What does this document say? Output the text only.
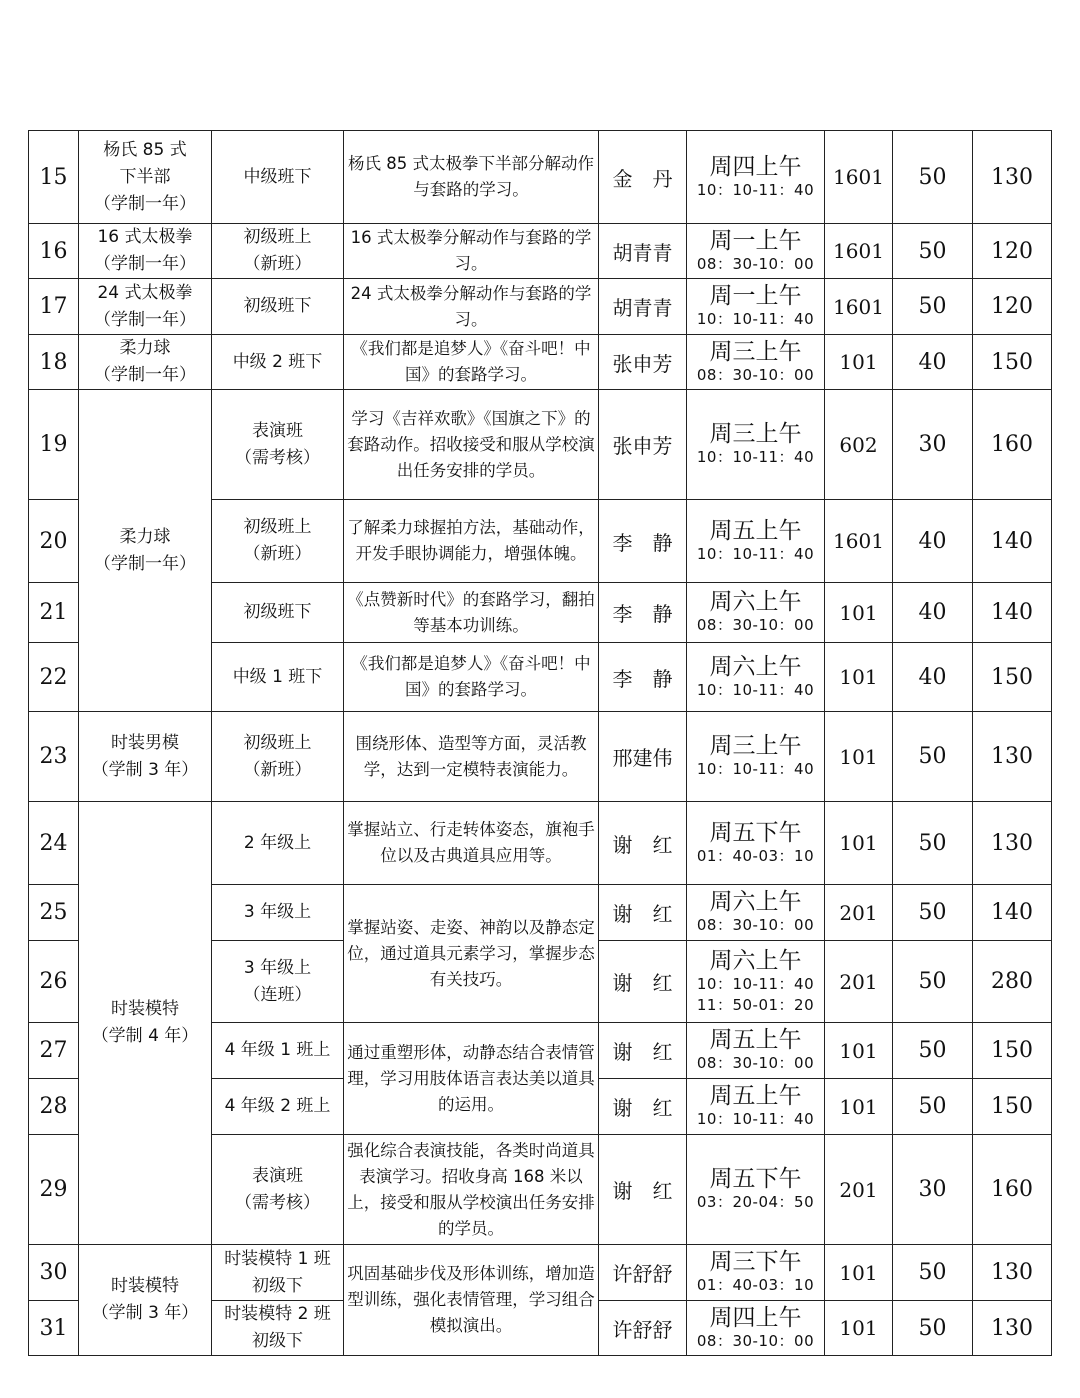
15	杨氏 85 式
下半部
（学制一年）	中级班下	杨氏 85 式太极拳下半部分解动作与套路的学习。	金　丹	周四上午
10：10-11：40	1601	50	130
16	16 式太极拳
（学制一年）	初级班上
（新班）	16 式太极拳分解动作与套路的学习。	胡青青	周一上午
08：30-10：00	1601	50	120
17	24 式太极拳
（学制一年）	初级班下	24 式太极拳分解动作与套路的学习。	胡青青	周一上午
10：10-11：40	1601	50	120
18	柔力球
（学制一年）	中级 2 班下	《我们都是追梦人》《奋斗吧！中国》的套路学习。	张申芳	周三上午
08：30-10：00	101	40	150
19	柔力球
（学制一年）	表演班
（需考核）	学习《吉祥欢歌》《国旗之下》的套路动作。招收接受和服从学校演出任务安排的学员。	张申芳	周三上午
10：10-11：40	602	30	160
20		初级班上
（新班）	了解柔力球握拍方法，基础动作，开发手眼协调能力，增强体魄。	李　静	周五上午
10：10-11：40	1601	40	140
21		初级班下	《点赞新时代》的套路学习，翻拍等基本功训练。	李　静	周六上午
08：30-10：00	101	40	140
22		中级 1 班下	《我们都是追梦人》《奋斗吧！中国》的套路学习。	李　静	周六上午
10：10-11：40	101	40	150
23	时装男模
（学制 3 年）	初级班上
（新班）	围绕形体、造型等方面，灵活教学，达到一定模特表演能力。	邢建伟	周三上午
10：10-11：40	101	50	130
24	时装模特
（学制 4 年）	2 年级上	掌握站立、行走转体姿态，旗袍手位以及古典道具应用等。	谢　红	周五下午
01：40-03：10	101	50	130
25		3 年级上	掌握站姿、走姿、神韵以及静态定位，通过道具元素学习，掌握步态有关技巧。	谢　红	周六上午
08：30-10：00	201	50	140
26		3 年级上
（连班）		谢　红	周六上午
10：10-11：40
11：50-01：20	201	50	280
27		4 年级 1 班上	通过重塑形体，动静态结合表情管理，学习用肢体语言表达美以道具的运用。	谢　红	周五上午
08：30-10：00	101	50	150
28		4 年级 2 班上		谢　红	周五上午
10：10-11：40	101	50	150
29		表演班
（需考核）	强化综合表演技能，各类时尚道具表演学习。招收身高 168 米以上，接受和服从学校演出任务安排的学员。	谢　红	周五下午
03：20-04：50	201	30	160
30	时装模特
（学制 3 年）	时装模特 1 班
初级下	巩固基础步伐及形体训练，增加造型训练，强化表情管理，学习组合模拟演出。	许舒舒	周三下午
01：40-03：10	101	50	130
31		时装模特 2 班
初级下		许舒舒	周四上午
08：30-10：00	101	50	130
